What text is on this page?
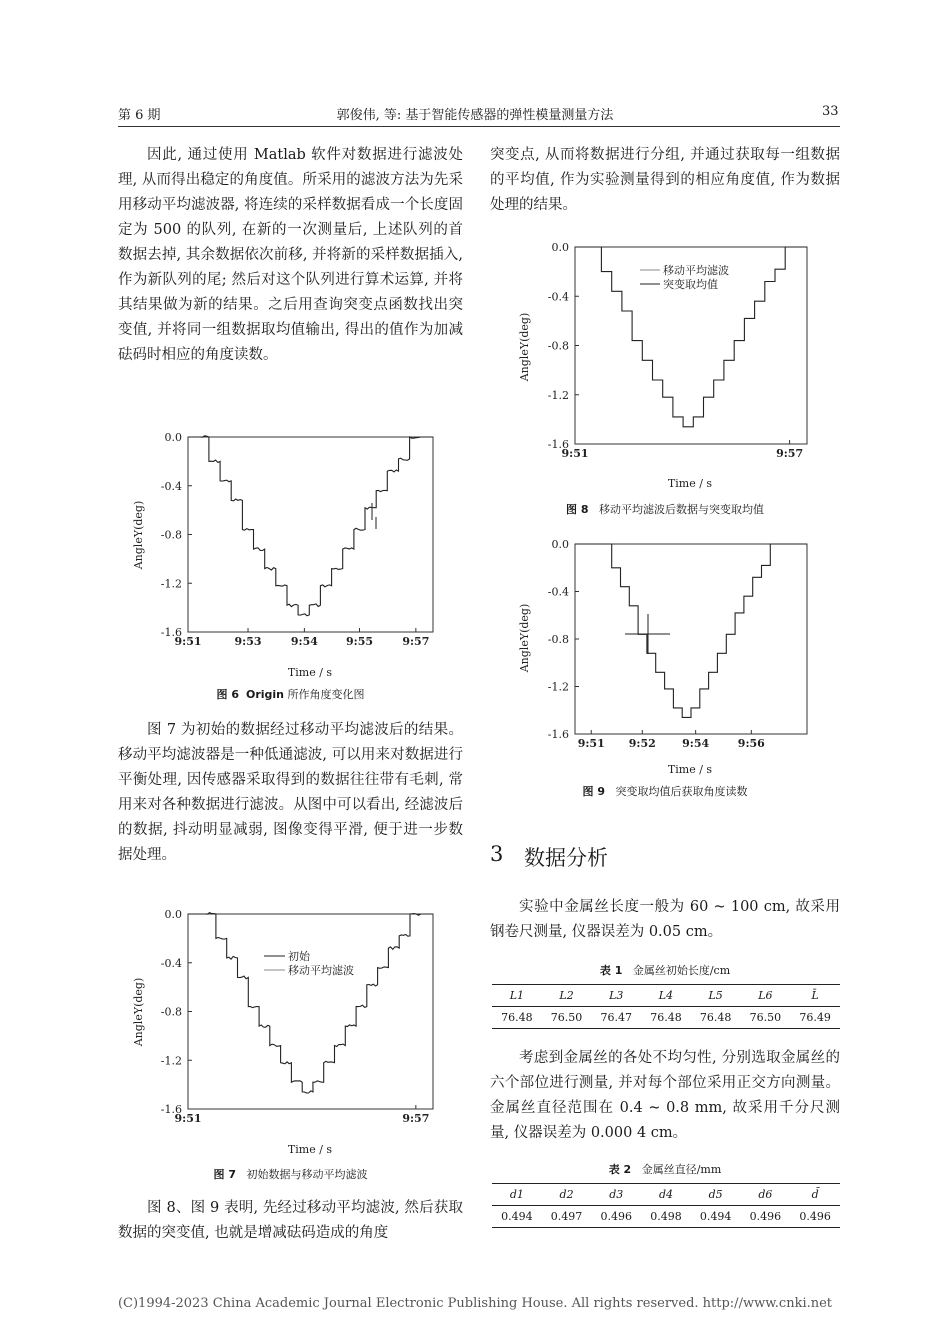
第 6 期	郭俊伟, 等: 基于智能传感器的弹性模量测量方法	33

因此, 通过使用 Matlab 软件对数据进行滤波处理, 从而得出稳定的角度值。所采用的滤波方法为先采用移动平均滤波器, 将连续的采样数据看成一个长度固定为 500 的队列, 在新的一次测量后, 上述队列的首数据去掉, 其余数据依次前移, 并将新的采样数据插入, 作为新队列的尾; 然后对这个队列进行算术运算, 并将其结果做为新的结果。之后用查询突变点函数找出突变值, 并将同一组数据取均值输出, 得出的值作为加减砝码时相应的角度读数。

0.0
-0.4
-0.8
-1.2
-1.6
9:51	9:53	9:54	9:55	9:57
AngleY(deg)
Time / s
图 6 Origin 所作角度变化图

图 7 为初始的数据经过移动平均滤波后的结果。移动平均滤波器是一种低通滤波, 可以用来对数据进行平衡处理, 因传感器采取得到的数据往往带有毛刺, 常用来对各种数据进行滤波。从图中可以看出, 经滤波后的数据, 抖动明显减弱, 图像变得平滑, 便于进一步数据处理。

0.0
-0.4
-0.8
-1.2
-1.6
9:51	9:57
初始
移动平均滤波
AngleY(deg)
Time / s
图 7 初始数据与移动平均滤波

图 8、图 9 表明, 先经过移动平均滤波, 然后获取数据的突变值, 也就是增减砝码造成的角度

突变点, 从而将数据进行分组, 并通过获取每一组数据的平均值, 作为实验测量得到的相应角度值, 作为数据处理的结果。

0.0
-0.4
-0.8
-1.2
-1.6
9:51	9:57
移动平均滤波
突变取均值
AngleY(deg)
Time / s
图 8 移动平均滤波后数据与突变取均值
0.0
-0.4
-0.8
-1.2
-1.6
9:51 9:52 9:54	9:56
AngleY(deg)
Time / s
图 9 突变取均值后获取角度读数
3 数据分析

实验中金属丝长度一般为 60 ~ 100 cm, 故采用钢卷尺测量, 仪器误差为 0.05 cm。

表 1 金属丝初始长度/cm
L1	L2	L3	L4	L5	L6	L̄
76.48	76.50	76.47	76.48	76.48	76.50	76.49

考虑到金属丝的各处不均匀性, 分别选取金属丝的六个部位进行测量, 并对每个部位采用正交方向测量。金属丝直径范围在 0.4 ~ 0.8 mm, 故采用千分尺测量, 仪器误差为 0.000 4 cm。

表 2 金属丝直径/mm
d1	d2	d3	d4	d5	d6	d̄
0.494	0.497	0.496	0.498	0.494	0.496	0.496
(C)1994-2023 China Academic Journal Electronic Publishing House. All rights reserved. http://www.cnki.net
